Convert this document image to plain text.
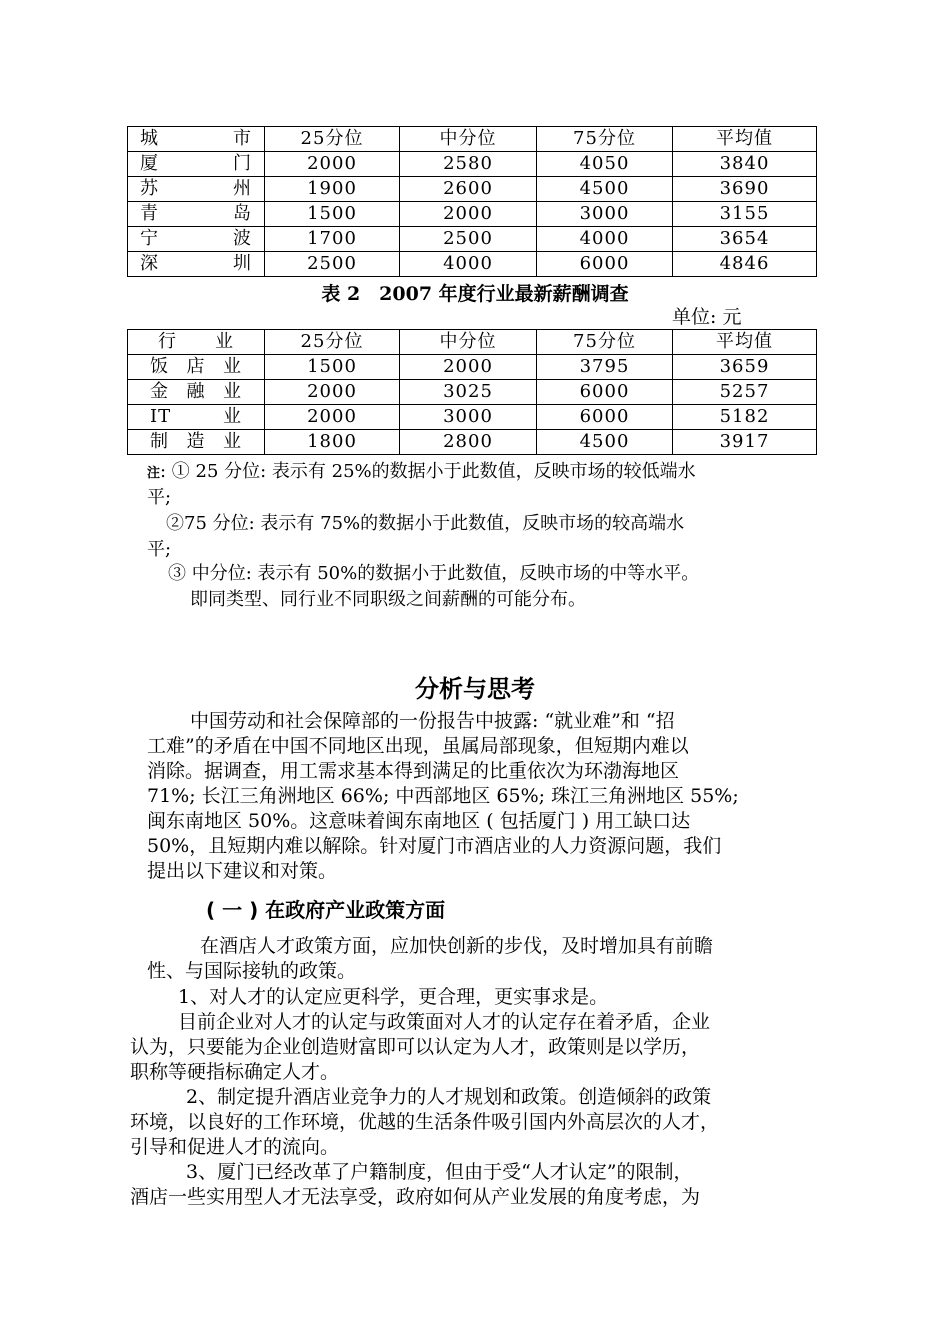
城市	25分位	中分位	75分位	平均值
厦门	2000	2580	4050	3840
苏州	1900	2600	4500	3690
青岛	1500	2000	3000	3155
宁波	1700	2500	4000	3654
深圳	2500	4000	6000	4846
表 2　2007 年度行业最新薪酬调查
单位: 元
行业	25分位	中分位	75分位	平均值
饭店业	1500	2000	3795	3659
金融业	2000	3025	6000	5257
IT 业	2000	3000	6000	5182
制造业	1800	2800	4500	3917
注: ① 25 分位: 表示有 25%的数据小于此数值，反映市场的较低端水
平;
②75 分位: 表示有 75%的数据小于此数值，反映市场的较高端水
平;
③ 中分位: 表示有 50%的数据小于此数值，反映市场的中等水平。
即同类型、同行业不同职级之间薪酬的可能分布。
分析与思考
中国劳动和社会保障部的一份报告中披露: “就业难”和 “招
工难”的矛盾在中国不同地区出现，虽属局部现象，但短期内难以
消除。据调查，用工需求基本得到满足的比重依次为环渤海地区
71%; 长江三角洲地区 66%; 中西部地区 65%; 珠江三角洲地区 55%;
闽东南地区 50%。这意味着闽东南地区 ( 包括厦门 ) 用工缺口达
50%，且短期内难以解除。针对厦门市酒店业的人力资源问题，我们
提出以下建议和对策。
( 一 ) 在政府产业政策方面
在酒店人才政策方面，应加快创新的步伐，及时增加具有前瞻
性、与国际接轨的政策。
1、对人才的认定应更科学，更合理，更实事求是。
目前企业对人才的认定与政策面对人才的认定存在着矛盾，企业
认为，只要能为企业创造财富即可以认定为人才，政策则是以学历，
职称等硬指标确定人才。
2、制定提升酒店业竞争力的人才规划和政策。创造倾斜的政策
环境，以良好的工作环境，优越的生活条件吸引国内外高层次的人才，
引导和促进人才的流向。
3、厦门已经改革了户籍制度，但由于受“人才认定”的限制，
酒店一些实用型人才无法享受，政府如何从产业发展的角度考虑，为
